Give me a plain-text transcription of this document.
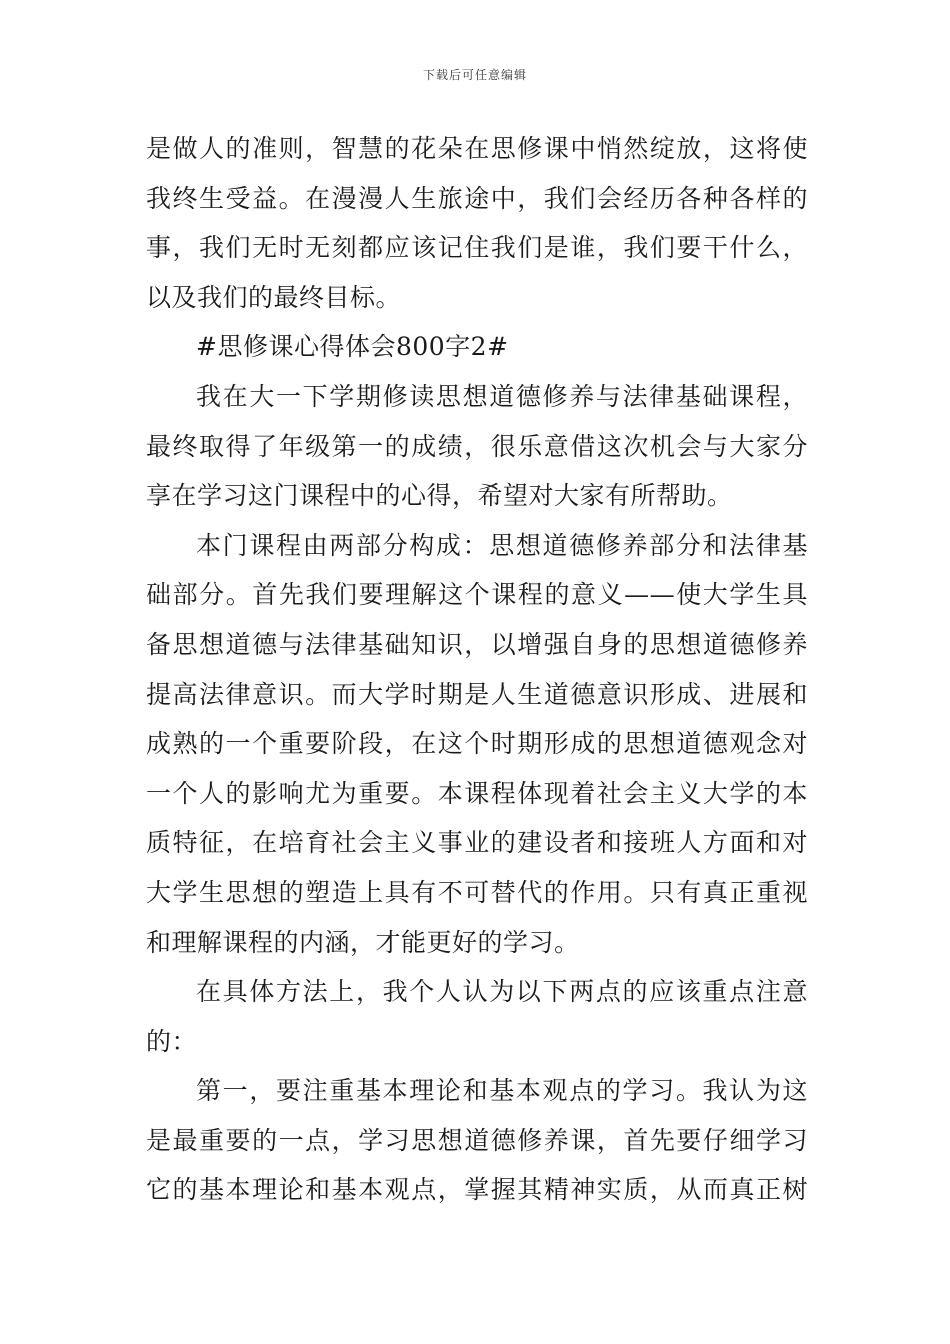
下载后可任意编辑
是做人的准则，智慧的花朵在思修课中悄然绽放，这将使
我终生受益。在漫漫人生旅途中，我们会经历各种各样的
事，我们无时无刻都应该记住我们是谁，我们要干什么，
以及我们的最终目标。
#思修课心得体会800字2#
我在大一下学期修读思想道德修养与法律基础课程，
最终取得了年级第一的成绩，很乐意借这次机会与大家分
享在学习这门课程中的心得，希望对大家有所帮助。
本门课程由两部分构成：思想道德修养部分和法律基
础部分。首先我们要理解这个课程的意义——使大学生具
备思想道德与法律基础知识，以增强自身的思想道德修养
提高法律意识。而大学时期是人生道德意识形成、进展和
成熟的一个重要阶段，在这个时期形成的思想道德观念对
一个人的影响尤为重要。本课程体现着社会主义大学的本
质特征，在培育社会主义事业的建设者和接班人方面和对
大学生思想的塑造上具有不可替代的作用。只有真正重视
和理解课程的内涵，才能更好的学习。
在具体方法上，我个人认为以下两点的应该重点注意
的：
第一，要注重基本理论和基本观点的学习。我认为这
是最重要的一点，学习思想道德修养课，首先要仔细学习
它的基本理论和基本观点，掌握其精神实质，从而真正树
